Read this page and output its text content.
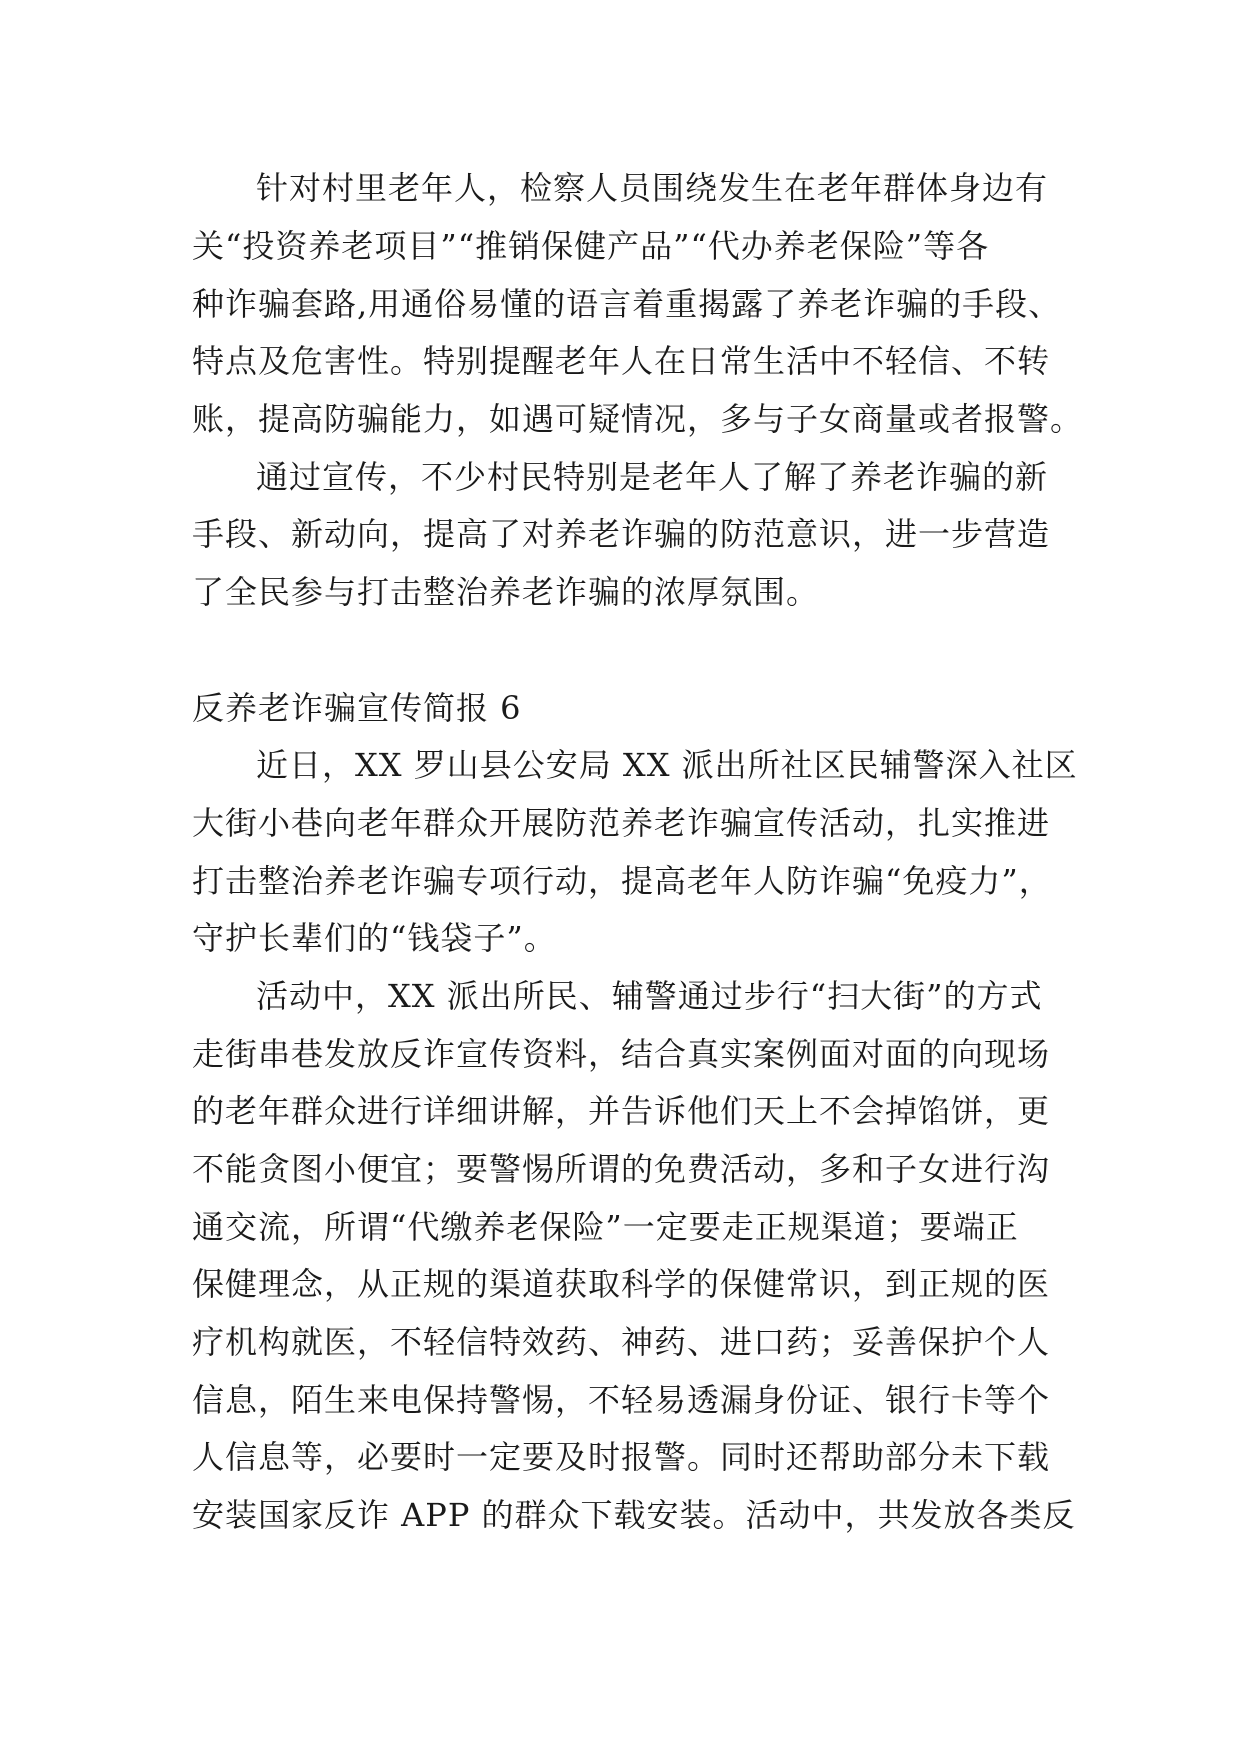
针对村里老年人，检察人员围绕发生在老年群体身边有
关“投资养老项目”“推销保健产品”“代办养老保险”等各
种诈骗套路,用通俗易懂的语言着重揭露了养老诈骗的手段、
特点及危害性。特别提醒老年人在日常生活中不轻信、不转
账，提高防骗能力，如遇可疑情况，多与子女商量或者报警。
通过宣传，不少村民特别是老年人了解了养老诈骗的新
手段、新动向，提高了对养老诈骗的防范意识，进一步营造
了全民参与打击整治养老诈骗的浓厚氛围。
反养老诈骗宣传简报 6
近日，XX 罗山县公安局 XX 派出所社区民辅警深入社区
大街小巷向老年群众开展防范养老诈骗宣传活动，扎实推进
打击整治养老诈骗专项行动，提高老年人防诈骗“免疫力”，
守护长辈们的“钱袋子”。
活动中，XX 派出所民、辅警通过步行“扫大街”的方式
走街串巷发放反诈宣传资料，结合真实案例面对面的向现场
的老年群众进行详细讲解，并告诉他们天上不会掉馅饼，更
不能贪图小便宜；要警惕所谓的免费活动，多和子女进行沟
通交流，所谓“代缴养老保险”一定要走正规渠道；要端正
保健理念，从正规的渠道获取科学的保健常识，到正规的医
疗机构就医，不轻信特效药、神药、进口药；妥善保护个人
信息，陌生来电保持警惕，不轻易透漏身份证、银行卡等个
人信息等，必要时一定要及时报警。同时还帮助部分未下载
安装国家反诈 APP 的群众下载安装。活动中，共发放各类反
